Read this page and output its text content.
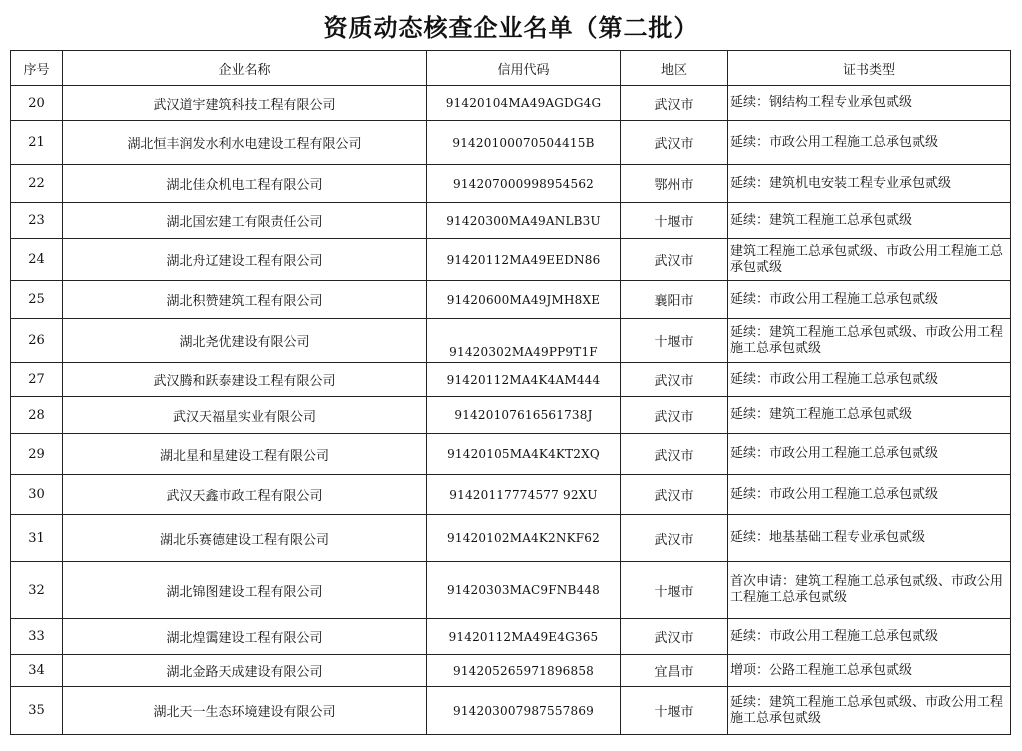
资质动态核查企业名单（第二批）
序号	企业名称	信用代码	地区	证书类型
20	武汉道宇建筑科技工程有限公司	91420104MA49AGDG4G	武汉市	延续：钢结构工程专业承包贰级
21	湖北恒丰润发水利水电建设工程有限公司	91420100070504415B	武汉市	延续：市政公用工程施工总承包贰级
22	湖北佳众机电工程有限公司	914207000998954562	鄂州市	延续：建筑机电安装工程专业承包贰级
23	湖北国宏建工有限责任公司	91420300MA49ANLB3U	十堰市	延续：建筑工程施工总承包贰级
24	湖北舟辽建设工程有限公司	91420112MA49EEDN86	武汉市	建筑工程施工总承包贰级、市政公用工程施工总承包贰级
25	湖北积赞建筑工程有限公司	91420600MA49JMH8XE	襄阳市	延续：市政公用工程施工总承包贰级
26	湖北尧优建设有限公司	91420302MA49PP9T1F	十堰市	延续：建筑工程施工总承包贰级、市政公用工程施工总承包贰级
27	武汉腾和跃泰建设工程有限公司	91420112MA4K4AM444	武汉市	延续：市政公用工程施工总承包贰级
28	武汉天福星实业有限公司	91420107616561738J	武汉市	延续：建筑工程施工总承包贰级
29	湖北星和星建设工程有限公司	91420105MA4K4KT2XQ	武汉市	延续：市政公用工程施工总承包贰级
30	武汉天鑫市政工程有限公司	91420117774577 92XU	武汉市	延续：市政公用工程施工总承包贰级
31	湖北乐赛德建设工程有限公司	91420102MA4K2NKF62	武汉市	延续：地基基础工程专业承包贰级
32	湖北锦图建设工程有限公司	91420303MAC9FNB448	十堰市	首次申请：建筑工程施工总承包贰级、市政公用工程施工总承包贰级
33	湖北煌霭建设工程有限公司	91420112MA49E4G365	武汉市	延续：市政公用工程施工总承包贰级
34	湖北金路天成建设有限公司	914205265971896858	宜昌市	增项：公路工程施工总承包贰级
35	湖北天一生态环境建设有限公司	914203007987557869	十堰市	延续：建筑工程施工总承包贰级、市政公用工程施工总承包贰级
